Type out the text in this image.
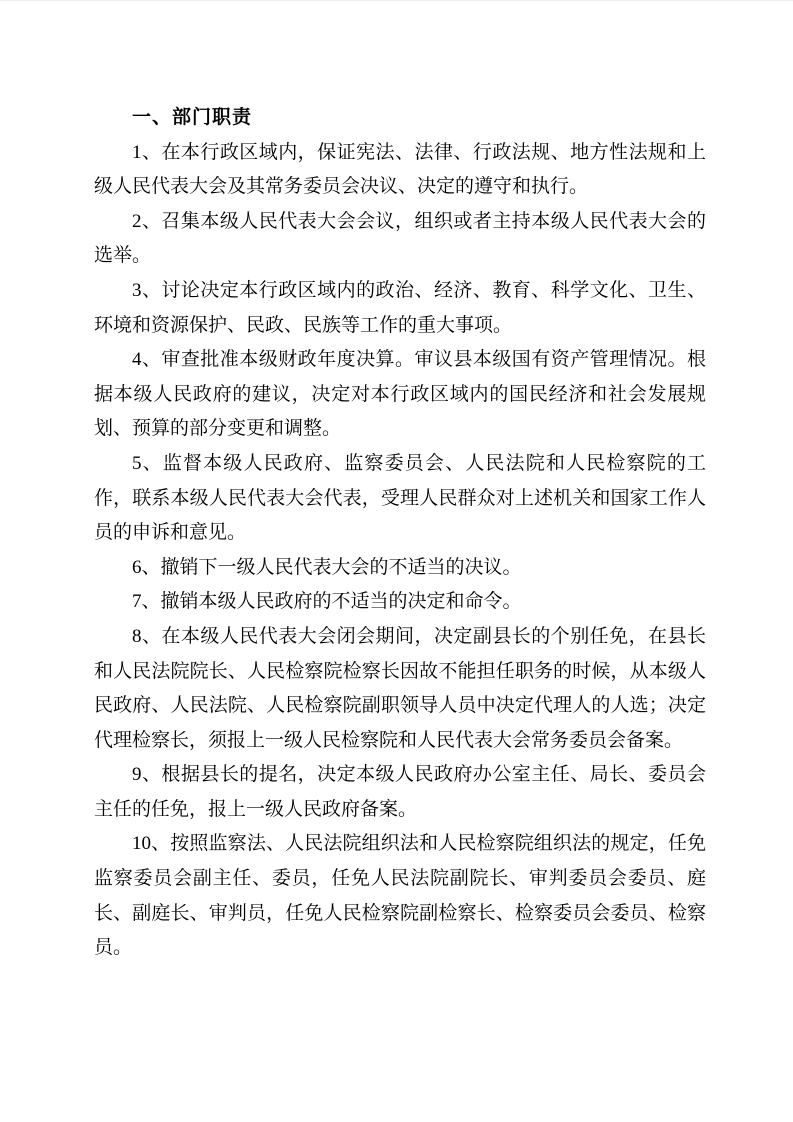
一、部门职责

1、在本行政区域内，保证宪法、法律、行政法规、地方性法规和上级人民代表大会及其常务委员会决议、决定的遵守和执行。

2、召集本级人民代表大会会议，组织或者主持本级人民代表大会的选举。

3、讨论决定本行政区域内的政治、经济、教育、科学文化、卫生、环境和资源保护、民政、民族等工作的重大事项。

4、审查批准本级财政年度决算。审议县本级国有资产管理情况。根据本级人民政府的建议，决定对本行政区域内的国民经济和社会发展规划、预算的部分变更和调整。

5、监督本级人民政府、监察委员会、人民法院和人民检察院的工作，联系本级人民代表大会代表，受理人民群众对上述机关和国家工作人员的申诉和意见。

6、撤销下一级人民代表大会的不适当的决议。

7、撤销本级人民政府的不适当的决定和命令。

8、在本级人民代表大会闭会期间，决定副县长的个别任免，在县长和人民法院院长、人民检察院检察长因故不能担任职务的时候，从本级人民政府、人民法院、人民检察院副职领导人员中决定代理人的人选；决定代理检察长，须报上一级人民检察院和人民代表大会常务委员会备案。

9、根据县长的提名，决定本级人民政府办公室主任、局长、委员会主任的任免，报上一级人民政府备案。

10、按照监察法、人民法院组织法和人民检察院组织法的规定，任免监察委员会副主任、委员，任免人民法院副院长、审判委员会委员、庭长、副庭长、审判员，任免人民检察院副检察长、检察委员会委员、检察员。
